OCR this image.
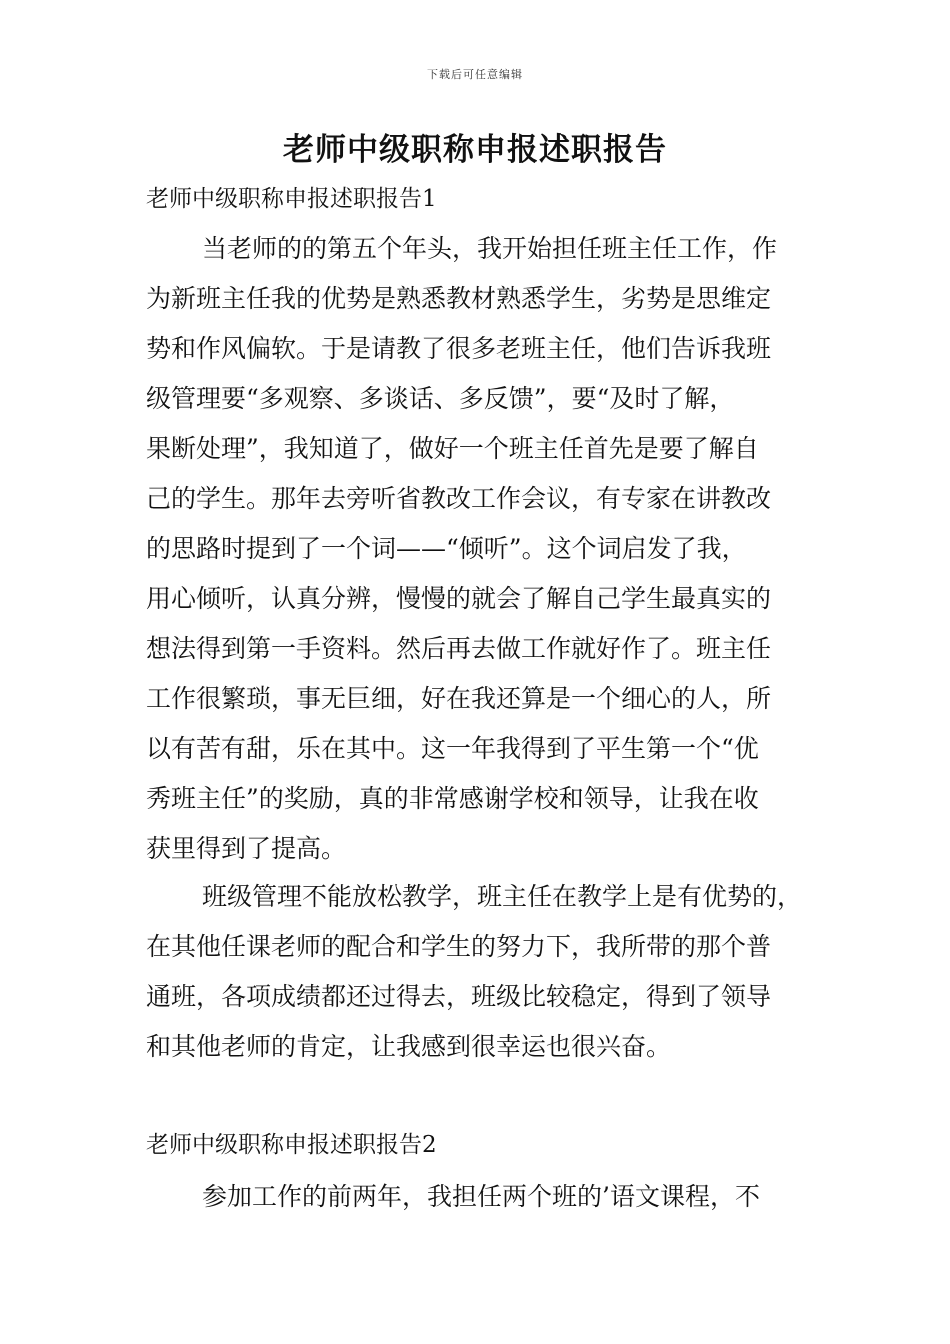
下载后可任意编辑
老师中级职称申报述职报告
老师中级职称申报述职报告1
当老师的的第五个年头，我开始担任班主任工作，作
为新班主任我的优势是熟悉教材熟悉学生，劣势是思维定
势和作风偏软。于是请教了很多老班主任，他们告诉我班
级管理要“多观察、多谈话、多反馈”，要“及时了解，
果断处理”，我知道了，做好一个班主任首先是要了解自
己的学生。那年去旁听省教改工作会议，有专家在讲教改
的思路时提到了一个词——“倾听”。这个词启发了我，
用心倾听，认真分辨，慢慢的就会了解自己学生最真实的
想法得到第一手资料。然后再去做工作就好作了。班主任
工作很繁琐，事无巨细，好在我还算是一个细心的人，所
以有苦有甜，乐在其中。这一年我得到了平生第一个“优
秀班主任”的奖励，真的非常感谢学校和领导，让我在收
获里得到了提高。
班级管理不能放松教学，班主任在教学上是有优势的，
在其他任课老师的配合和学生的努力下，我所带的那个普
通班，各项成绩都还过得去，班级比较稳定，得到了领导
和其他老师的肯定，让我感到很幸运也很兴奋。
老师中级职称申报述职报告2
参加工作的前两年，我担任两个班的’语文课程，不
